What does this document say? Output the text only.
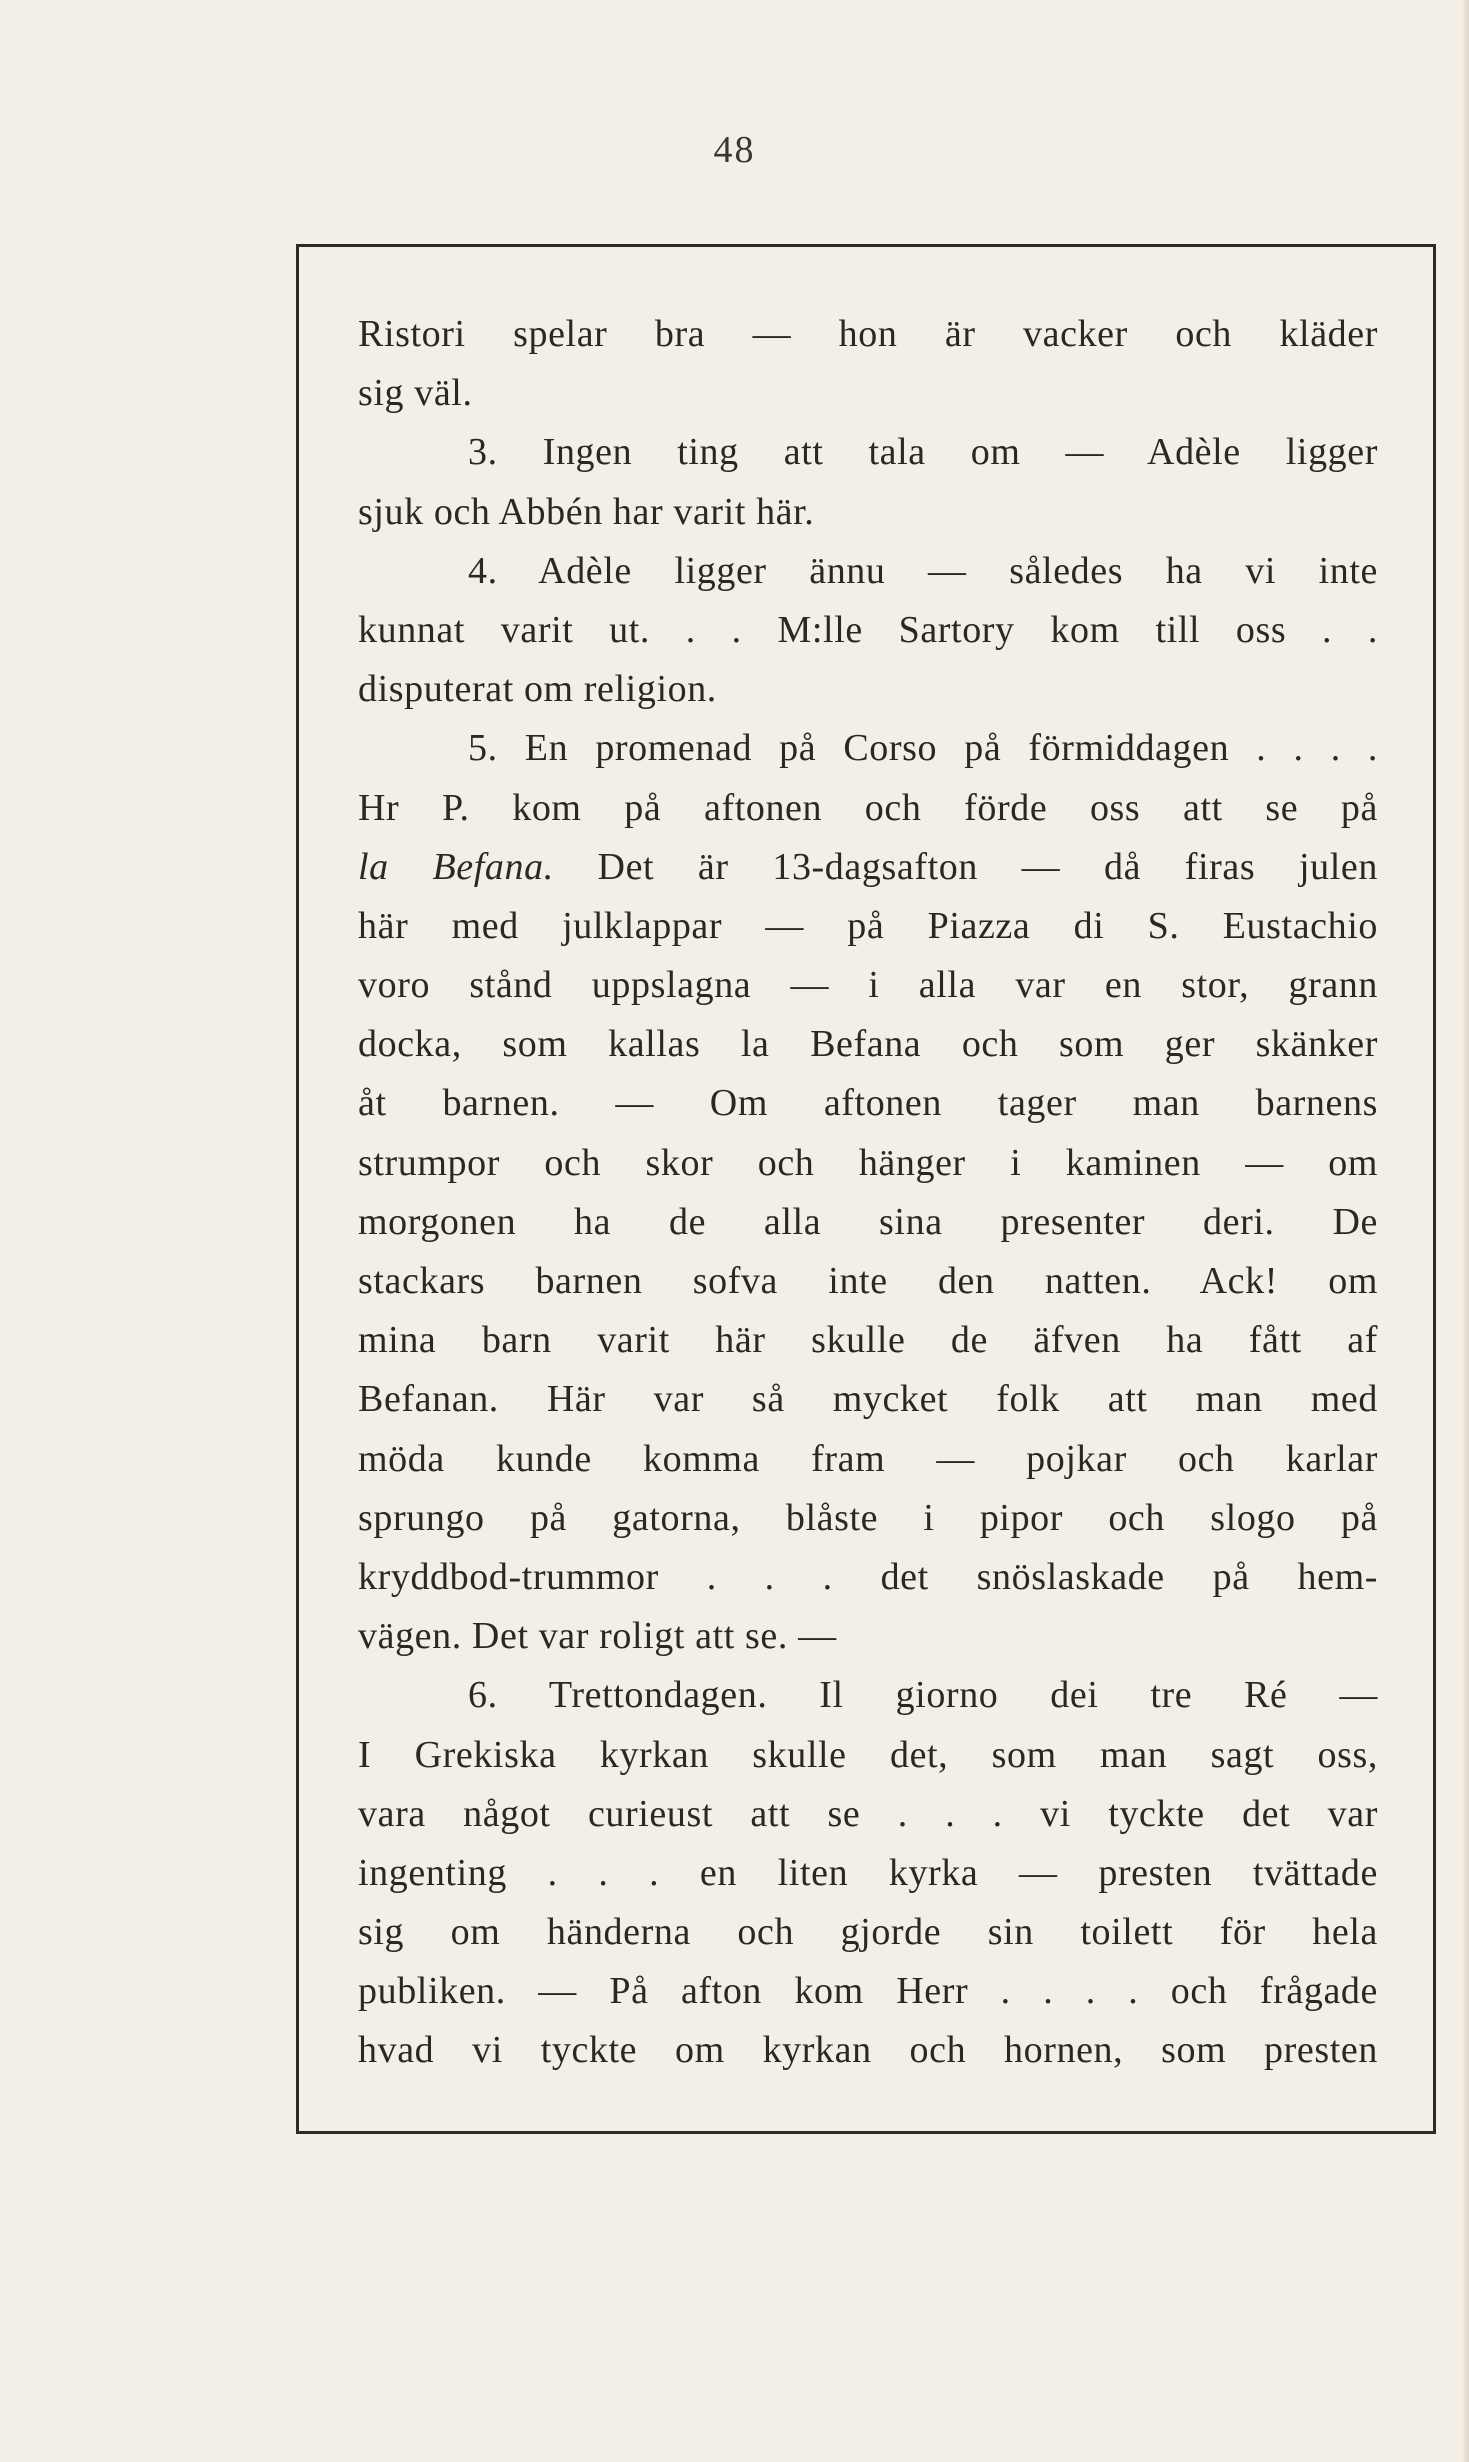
48
Ristori spelar bra — hon är vacker och kläder
sig väl.
3. Ingen ting att tala om — Adèle ligger
sjuk och Abbén har varit här.
4. Adèle ligger ännu — således ha vi inte
kunnat varit ut. . . M:lle Sartory kom till oss . .
disputerat om religion.
5. En promenad på Corso på förmiddagen . . . .
Hr P. kom på aftonen och förde oss att se på
la Befana. Det är 13-dagsafton — då firas julen
här med julklappar — på Piazza di S. Eustachio
voro stånd uppslagna — i alla var en stor, grann
docka, som kallas la Befana och som ger skänker
åt barnen. — Om aftonen tager man barnens
strumpor och skor och hänger i kaminen — om
morgonen ha de alla sina presenter deri. De
stackars barnen sofva inte den natten. Ack! om
mina barn varit här skulle de äfven ha fått af
Befanan. Här var så mycket folk att man med
möda kunde komma fram — pojkar och karlar
sprungo på gatorna, blåste i pipor och slogo på
kryddbod-trummor . . . det snöslaskade på hem-
vägen. Det var roligt att se. —
6. Trettondagen. Il giorno dei tre Ré —
I Grekiska kyrkan skulle det, som man sagt oss,
vara något curieust att se . . . vi tyckte det var
ingenting . . . en liten kyrka — presten tvättade
sig om händerna och gjorde sin toilett för hela
publiken. — På afton kom Herr . . . . och frågade
hvad vi tyckte om kyrkan och hornen, som presten
